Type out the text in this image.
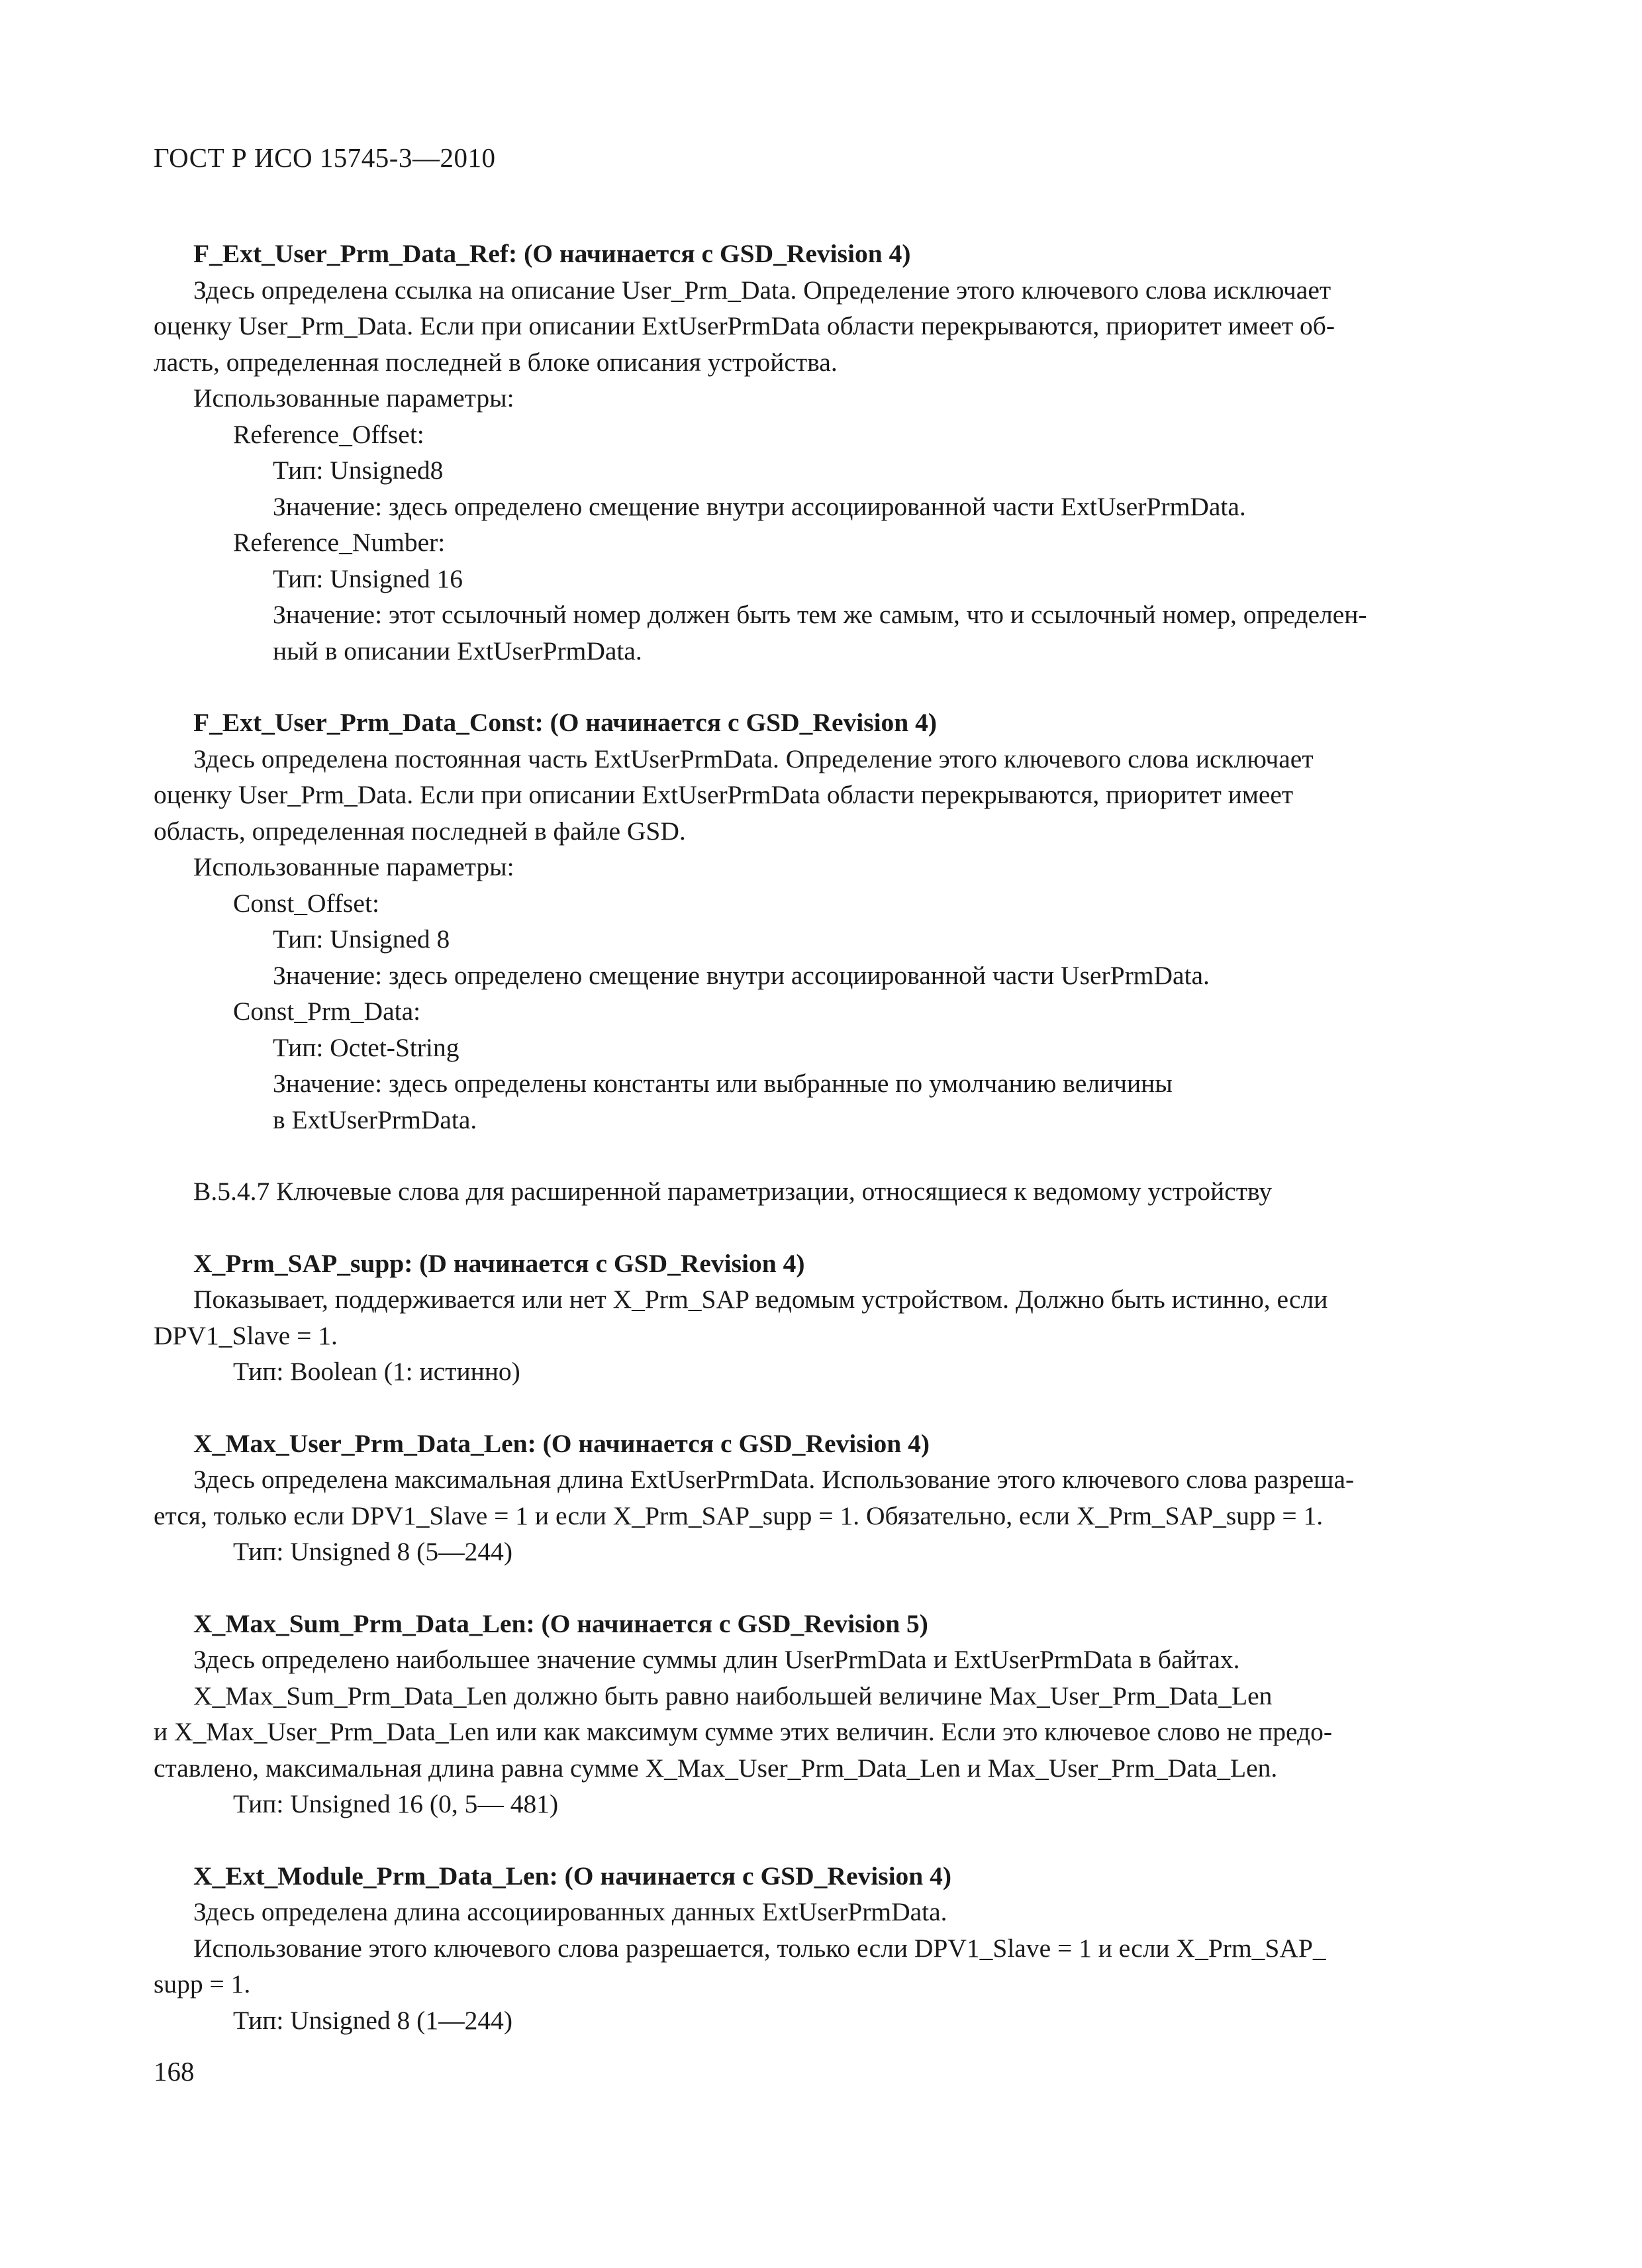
ГОСТ Р ИСО 15745-3—2010

F_Ext_User_Prm_Data_Ref: (О начинается с GSD_Revision 4)

Здесь определена ссылка на описание User_Prm_Data. Определение этого ключевого слова исключает

оценку User_Prm_Data. Если при описании ExtUserPrmData области перекрываются, приоритет имеет об-

ласть, определенная последней в блоке описания устройства.

Использованные параметры:

Reference_Offset:

Тип: Unsigned8

Значение: здесь определено смещение внутри ассоциированной части ExtUserPrmData.

Reference_Number:

Тип: Unsigned 16

Значение: этот ссылочный номер должен быть тем же самым, что и ссылочный номер, определен-

ный в описании ExtUserPrmData.

F_Ext_User_Prm_Data_Const: (О начинается с GSD_Revision 4)

Здесь определена постоянная часть ExtUserPrmData. Определение этого ключевого слова исключает

оценку User_Prm_Data. Если при описании ExtUserPrmData области перекрываются, приоритет имеет

область, определенная последней в файле GSD.

Использованные параметры:

Const_Offset:

Тип: Unsigned 8

Значение: здесь определено смещение внутри ассоциированной части UserPrmData.

Const_Prm_Data:

Тип: Octet-String

Значение: здесь определены константы или выбранные по умолчанию величины

в ExtUserPrmData.

В.5.4.7 Ключевые слова для расширенной параметризации, относящиеся к ведомому устройству

X_Prm_SAP_supp: (D начинается с GSD_Revision 4)

Показывает, поддерживается или нет X_Prm_SAP ведомым устройством. Должно быть истинно, если

DPV1_Slave = 1.

Тип: Boolean (1: истинно)

X_Max_User_Prm_Data_Len: (О начинается с GSD_Revision 4)

Здесь определена максимальная длина ExtUserPrmData. Использование этого ключевого слова разреша-

ется, только если DPV1_Slave = 1 и если X_Prm_SAP_supp = 1. Обязательно, если X_Prm_SAP_supp = 1.

Тип: Unsigned 8 (5—244)

X_Max_Sum_Prm_Data_Len: (О начинается с GSD_Revision 5)

Здесь определено наибольшее значение суммы длин UserPrmData и ExtUserPrmData в байтах.

X_Max_Sum_Prm_Data_Len должно быть равно наибольшей величине Max_User_Prm_Data_Len

и X_Max_User_Prm_Data_Len или как максимум сумме этих величин. Если это ключевое слово не предо-

ставлено, максимальная длина равна сумме X_Max_User_Prm_Data_Len и Max_User_Prm_Data_Len.

Тип: Unsigned 16 (0, 5— 481)

X_Ext_Module_Prm_Data_Len: (О начинается с GSD_Revision 4)

Здесь определена длина ассоциированных данных ExtUserPrmData.

Использование этого ключевого слова разрешается, только если DPV1_Slave = 1 и если X_Prm_SAP_

supp = 1.

Тип: Unsigned 8 (1—244)

168
